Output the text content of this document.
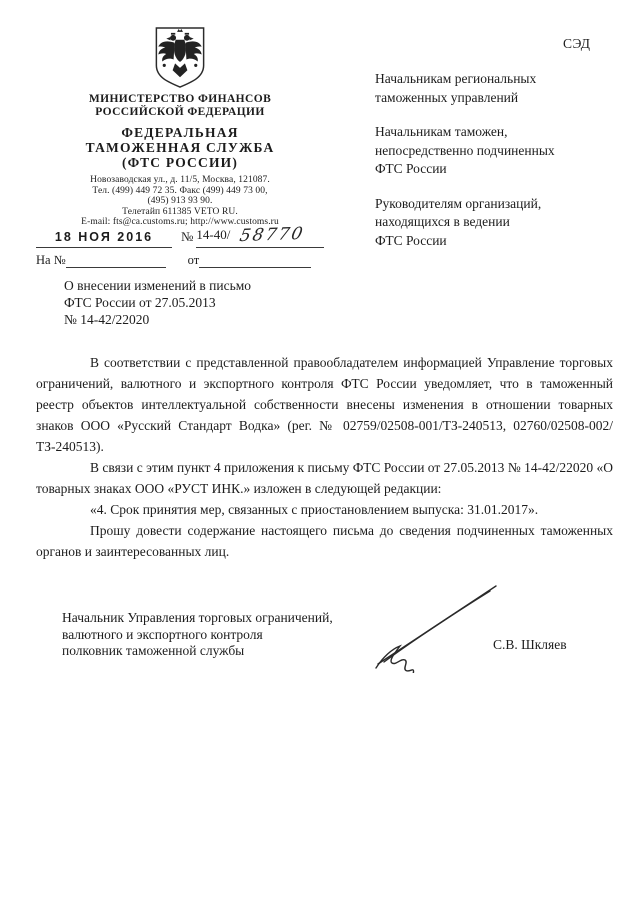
МИНИСТЕРСТВО ФИНАНСОВ
РОССИЙСКОЙ ФЕДЕРАЦИИ
ФЕДЕРАЛЬНАЯ
ТАМОЖЕННАЯ СЛУЖБА
(ФТС РОССИИ)
Новозаводская ул., д. 11/5, Москва, 121087.
Тел. (499) 449 72 35. Факс (499) 449 73 00,
(495) 913 93 90.
Телетайп 611385 VETO RU.
E-mail: fts@ca.customs.ru; http://www.customs.ru
18 НОЯ 2016	№ 14-40/ 58770
На №	от
О внесении изменений в письмо
ФТС России от 27.05.2013
№ 14-42/22020
СЭД
Начальникам региональных
таможенных управлений
Начальникам таможен,
непосредственно подчиненных
ФТС России
Руководителям организаций,
находящихся в ведении
ФТС России

В соответствии с представленной правообладателем информацией Управление торговых ограничений, валютного и экспортного контроля ФТС России уведомляет, что в таможенный реестр объектов интеллектуальной собственности внесены изменения в отношении товарных знаков ООО «Русский Стандарт Водка» (рег. № 02759/02508-001/ТЗ-240513, 02760/02508-002/ТЗ-240513).

В связи с этим пункт 4 приложения к письму ФТС России от 27.05.2013 № 14-42/22020 «О товарных знаках ООО «РУСТ ИНК.» изложен в следующей редакции:

«4. Срок принятия мер, связанных с приостановлением выпуска: 31.01.2017».

Прошу довести содержание настоящего письма до сведения подчиненных таможенных органов и заинтересованных лиц.

Начальник Управления торговых ограничений,
валютного и экспортного контроля
полковник таможенной службы	С.В. Шкляев
